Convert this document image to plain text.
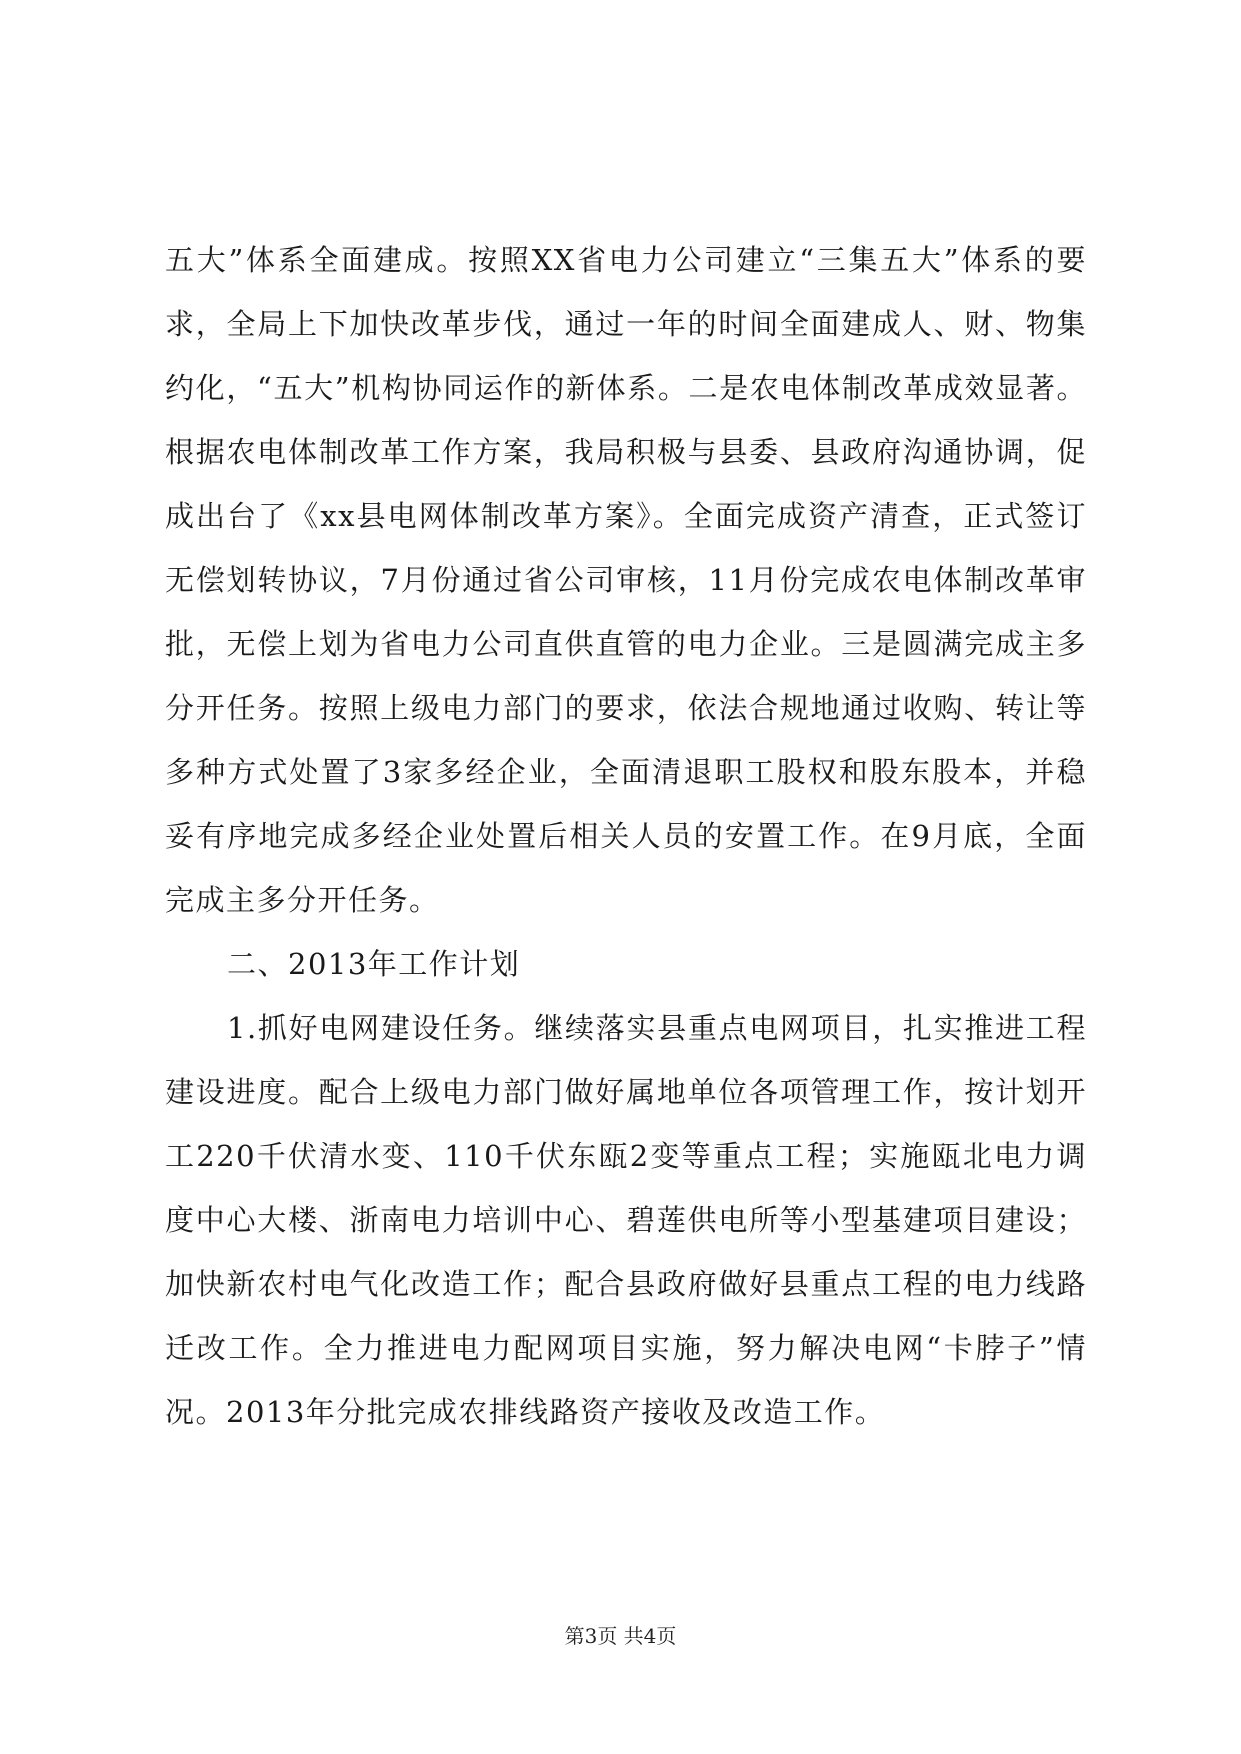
五大”体系全面建成。按照XX省电力公司建立“三集五大”体系的要求，全局上下加快改革步伐，通过一年的时间全面建成人、财、物集约化，“五大”机构协同运作的新体系。二是农电体制改革成效显著。根据农电体制改革工作方案，我局积极与县委、县政府沟通协调，促成出台了《xx县电网体制改革方案》。全面完成资产清查，正式签订无偿划转协议，7月份通过省公司审核，11月份完成农电体制改革审批，无偿上划为省电力公司直供直管的电力企业。三是圆满完成主多分开任务。按照上级电力部门的要求，依法合规地通过收购、转让等多种方式处置了3家多经企业，全面清退职工股权和股东股本，并稳妥有序地完成多经企业处置后相关人员的安置工作。在9月底，全面完成主多分开任务。

二、2013年工作计划

1.抓好电网建设任务。继续落实县重点电网项目，扎实推进工程建设进度。配合上级电力部门做好属地单位各项管理工作，按计划开工220千伏清水变、110千伏东瓯2变等重点工程；实施瓯北电力调度中心大楼、浙南电力培训中心、碧莲供电所等小型基建项目建设；加快新农村电气化改造工作；配合县政府做好县重点工程的电力线路迁改工作。全力推进电力配网项目实施，努力解决电网“卡脖子”情况。2013年分批完成农排线路资产接收及改造工作。

第3页 共4页
